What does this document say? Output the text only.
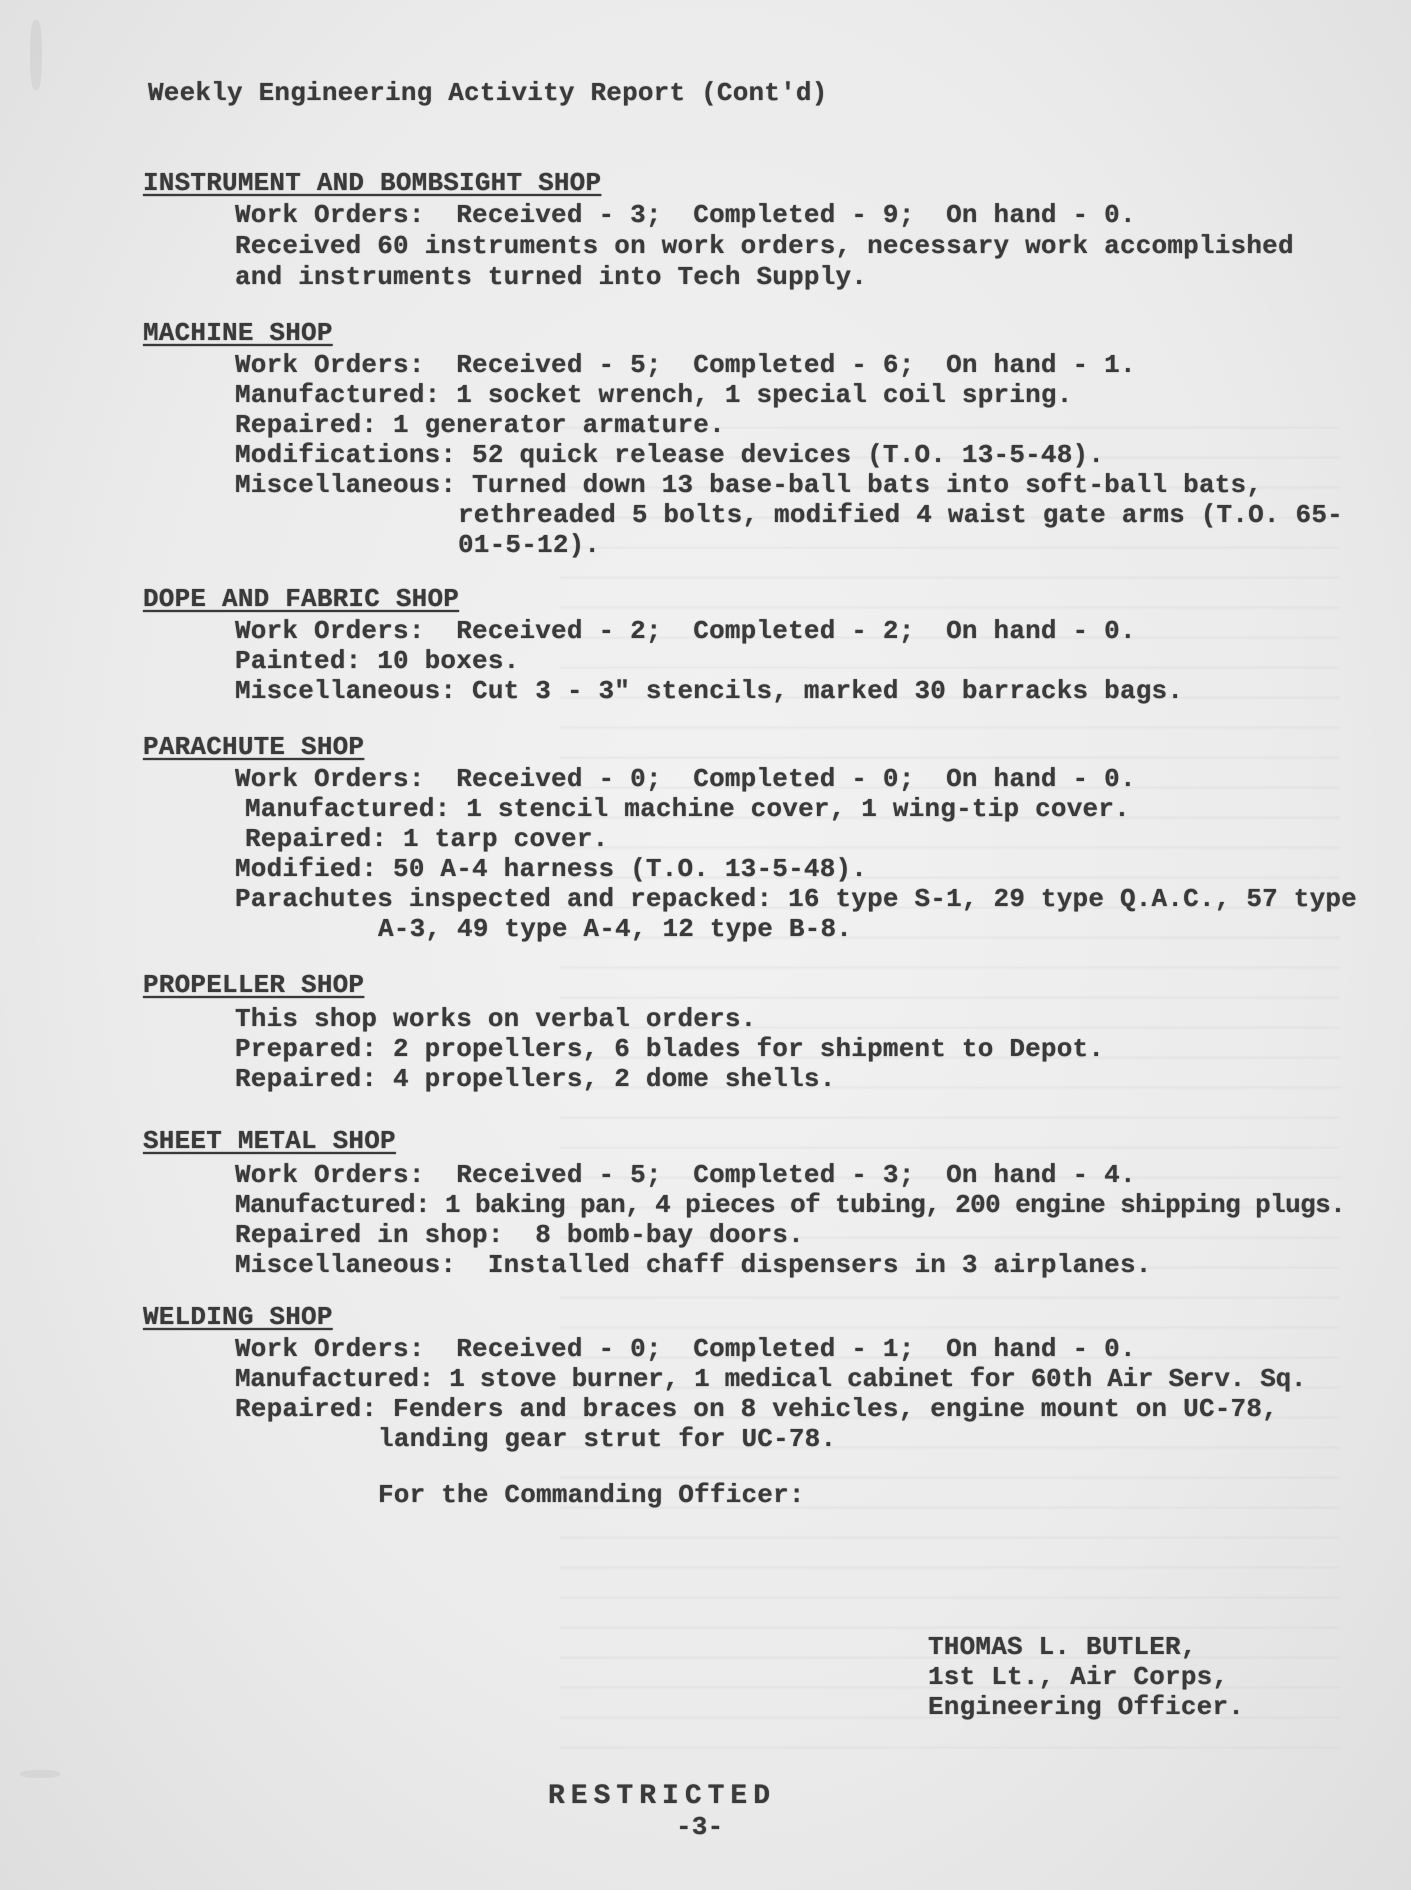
Weekly Engineering Activity Report (Cont'd)
INSTRUMENT AND BOMBSIGHT SHOP
Work Orders:  Received - 3;  Completed - 9;  On hand - 0.
Received 60 instruments on work orders, necessary work accomplished
and instruments turned into Tech Supply.
MACHINE SHOP
Work Orders:  Received - 5;  Completed - 6;  On hand - 1.
Manufactured: 1 socket wrench, 1 special coil spring.
Repaired: 1 generator armature.
Modifications: 52 quick release devices (T.O. 13-5-48).
Miscellaneous: Turned down 13 base-ball bats into soft-ball bats,
rethreaded 5 bolts, modified 4 waist gate arms (T.O. 65-
01-5-12).
DOPE AND FABRIC SHOP
Work Orders:  Received - 2;  Completed - 2;  On hand - 0.
Painted: 10 boxes.
Miscellaneous: Cut 3 - 3" stencils, marked 30 barracks bags.
PARACHUTE SHOP
Work Orders:  Received - 0;  Completed - 0;  On hand - 0.
Manufactured: 1 stencil machine cover, 1 wing-tip cover.
Repaired: 1 tarp cover.
Modified: 50 A-4 harness (T.O. 13-5-48).
Parachutes inspected and repacked: 16 type S-1, 29 type Q.A.C., 57 type
A-3, 49 type A-4, 12 type B-8.
PROPELLER SHOP
This shop works on verbal orders.
Prepared: 2 propellers, 6 blades for shipment to Depot.
Repaired: 4 propellers, 2 dome shells.
SHEET METAL SHOP
Work Orders:  Received - 5;  Completed - 3;  On hand - 4.
Manufactured: 1 baking pan, 4 pieces of tubing, 200 engine shipping plugs.
Repaired in shop:  8 bomb-bay doors.
Miscellaneous:  Installed chaff dispensers in 3 airplanes.
WELDING SHOP
Work Orders:  Received - 0;  Completed - 1;  On hand - 0.
Manufactured: 1 stove burner, 1 medical cabinet for 60th Air Serv. Sq.
Repaired: Fenders and braces on 8 vehicles, engine mount on UC-78,
landing gear strut for UC-78.
For the Commanding Officer:
THOMAS L. BUTLER,
1st Lt., Air Corps,
Engineering Officer.
RESTRICTED
-3-
